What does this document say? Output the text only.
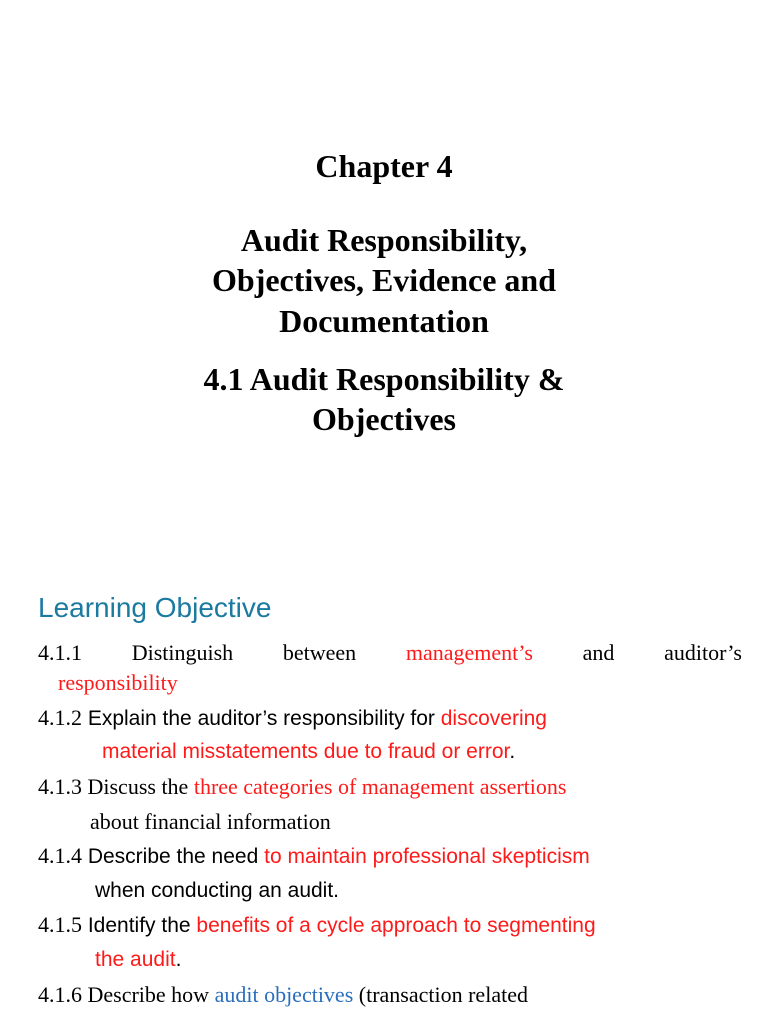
Chapter 4
Audit Responsibility,
Objectives, Evidence and
Documentation
4.1 Audit Responsibility &
Objectives
Learning Objective
4.1.1 Distinguish between management’s and auditor’s
responsibility
4.1.2 Explain the auditor’s responsibility for discovering
material misstatements due to fraud or error.
4.1.3 Discuss the three categories of management assertions
about financial information
4.1.4 Describe the need to maintain professional skepticism
when conducting an audit.
4.1.5 Identify the benefits of a cycle approach to segmenting
the audit.
4.1.6 Describe how audit objectives (transaction related
